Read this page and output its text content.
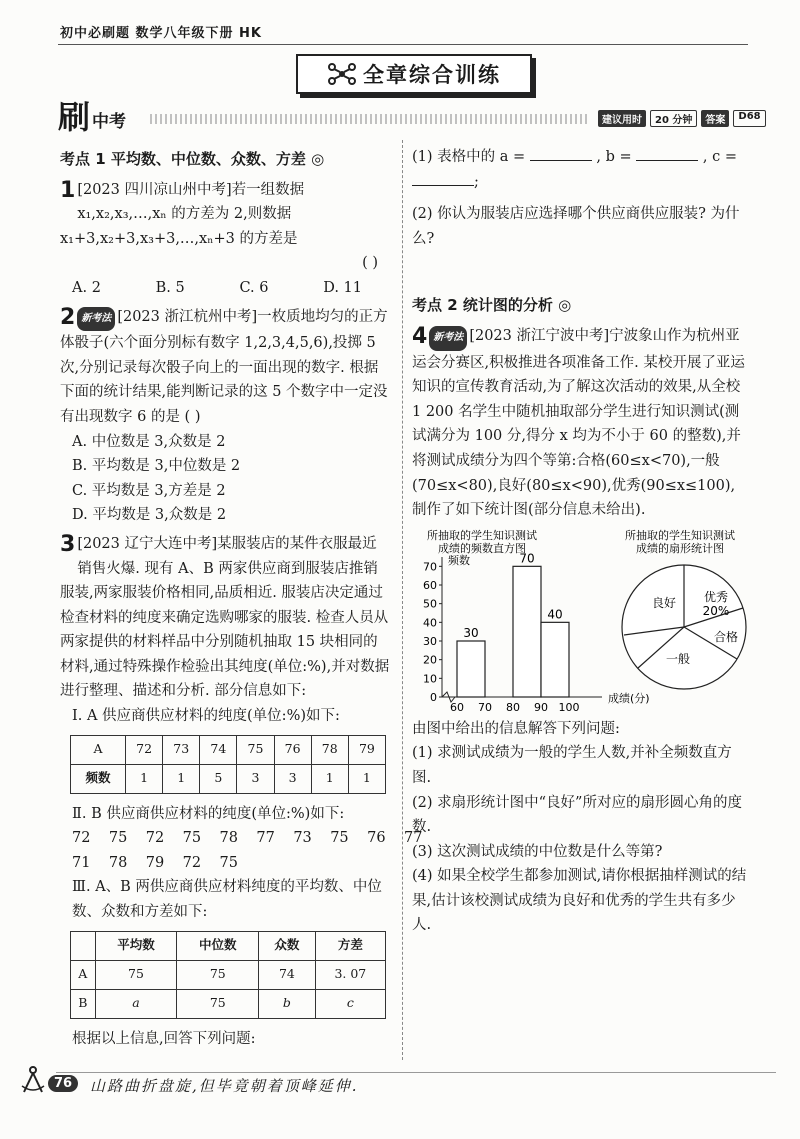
初中必刷题 数学八年级下册 HK
全章综合训练
刷 中考	建议用时	20 分钟	答案	D68
考点 1 平均数、中位数、众数、方差 ◎
1 [2023 四川凉山州中考]若一组数据 x₁,x₂,x₃,…,xₙ 的方差为 2,则数据 x₁+3,x₂+3,x₃+3,…,xₙ+3 的方差是

( )
A. 2	B. 5	C. 6	D. 11
2 新考法 [2023 浙江杭州中考]一枚质地均匀的正方体骰子(六个面分别标有数字 1,2,3,4,5,6),投掷 5 次,分别记录每次骰子向上的一面出现的数字. 根据下面的统计结果,能判断记录的这 5 个数字中一定没有出现数字 6 的是 ( )

A. 中位数是 3,众数是 2
B. 平均数是 3,中位数是 2
C. 平均数是 3,方差是 2
D. 平均数是 3,众数是 2
3 [2023 辽宁大连中考]某服装店的某件衣服最近销售火爆. 现有 A、B 两家供应商到服装店推销服装,两家服装价格相同,品质相近. 服装店决定通过检查材料的纯度来确定选购哪家的服装. 检查人员从两家提供的材料样品中分别随机抽取 15 块相同的材料,通过特殊操作检验出其纯度(单位:%),并对数据进行整理、描述和分析. 部分信息如下:

Ⅰ. A 供应商供应材料的纯度(单位:%)如下:
A	72	73	74	75	76	78	79
频数	1	1	5	3	3	1	1
Ⅱ. B 供应商供应材料的纯度(单位:%)如下:
72    75    72    75    78    77    73    75    76    77
71    78    79    72    75
Ⅲ. A、B 两供应商供应材料纯度的平均数、中位数、众数和方差如下:
	平均数	中位数	众数	方差
A	75	75	74	3. 07
B	a	75	b	c
根据以上信息,回答下列问题:
(1) 表格中的 a =	, b =	, c =
;

(2) 你认为服装店应选择哪个供应商供应服装? 为什么?

考点 2 统计图的分析 ◎
4 新考法 [2023 浙江宁波中考]宁波象山作为杭州亚运会分赛区,积极推进各项准备工作. 某校开展了亚运知识的宣传教育活动,为了解这次活动的效果,从全校 1 200 名学生中随机抽取部分学生进行知识测试(测试满分为 100 分,得分 x 均为不小于 60 的整数),并将测试成绩分为四个等第:合格(60≤x<70),一般(70≤x<80),良好(80≤x<90),优秀(90≤x≤100),制作了如下统计图(部分信息未给出).

所抽取的学生知识测试
成绩的频数直方图
频数
0
10
20
30
40
50
60
70
60 70 80 90 100
30
70
40
成绩(分)
所抽取的学生知识测试
成绩的扇形统计图
良好 优秀
20%
合格
一般

由图中给出的信息解答下列问题:

(1) 求测试成绩为一般的学生人数,并补全频数直方图.

(2) 求扇形统计图中“良好”所对应的扇形圆心角的度数.

(3) 这次测试成绩的中位数是什么等第?

(4) 如果全校学生都参加测试,请你根据抽样测试的结果,估计该校测试成绩为良好和优秀的学生共有多少人.

76	山路曲折盘旋,但毕竟朝着顶峰延伸.
